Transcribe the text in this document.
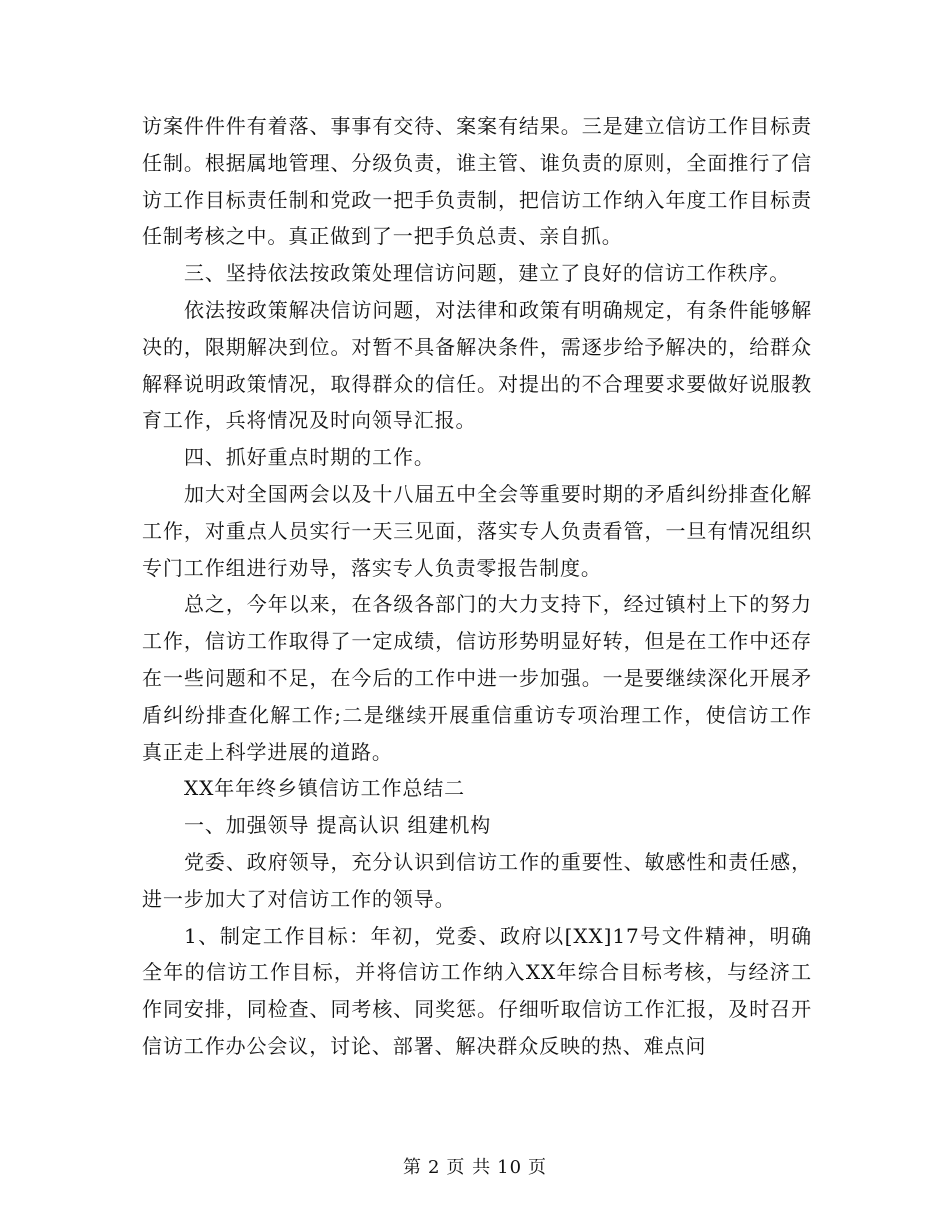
访案件件件有着落、事事有交待、案案有结果。三是建立信访工作目标责任制。根据属地管理、分级负责，谁主管、谁负责的原则，全面推行了信访工作目标责任制和党政一把手负责制，把信访工作纳入年度工作目标责任制考核之中。真正做到了一把手负总责、亲自抓。

三、坚持依法按政策处理信访问题，建立了良好的信访工作秩序。

依法按政策解决信访问题，对法律和政策有明确规定，有条件能够解决的，限期解决到位。对暂不具备解决条件，需逐步给予解决的，给群众解释说明政策情况，取得群众的信任。对提出的不合理要求要做好说服教育工作，兵将情况及时向领导汇报。

四、抓好重点时期的工作。

加大对全国两会以及十八届五中全会等重要时期的矛盾纠纷排查化解工作，对重点人员实行一天三见面，落实专人负责看管，一旦有情况组织专门工作组进行劝导，落实专人负责零报告制度。

总之，今年以来，在各级各部门的大力支持下，经过镇村上下的努力工作，信访工作取得了一定成绩，信访形势明显好转，但是在工作中还存在一些问题和不足，在今后的工作中进一步加强。一是要继续深化开展矛盾纠纷排查化解工作;二是继续开展重信重访专项治理工作，使信访工作真正走上科学进展的道路。

XX年年终乡镇信访工作总结二

一、加强领导 提高认识 组建机构

党委、政府领导，充分认识到信访工作的重要性、敏感性和责任感，进一步加大了对信访工作的领导。

1、制定工作目标：年初，党委、政府以[XX]17号文件精神，明确全年的信访工作目标，并将信访工作纳入XX年综合目标考核，与经济工作同安排，同检查、同考核、同奖惩。仔细听取信访工作汇报，及时召开信访工作办公会议，讨论、部署、解决群众反映的热、难点问

第 2 页 共 10 页
